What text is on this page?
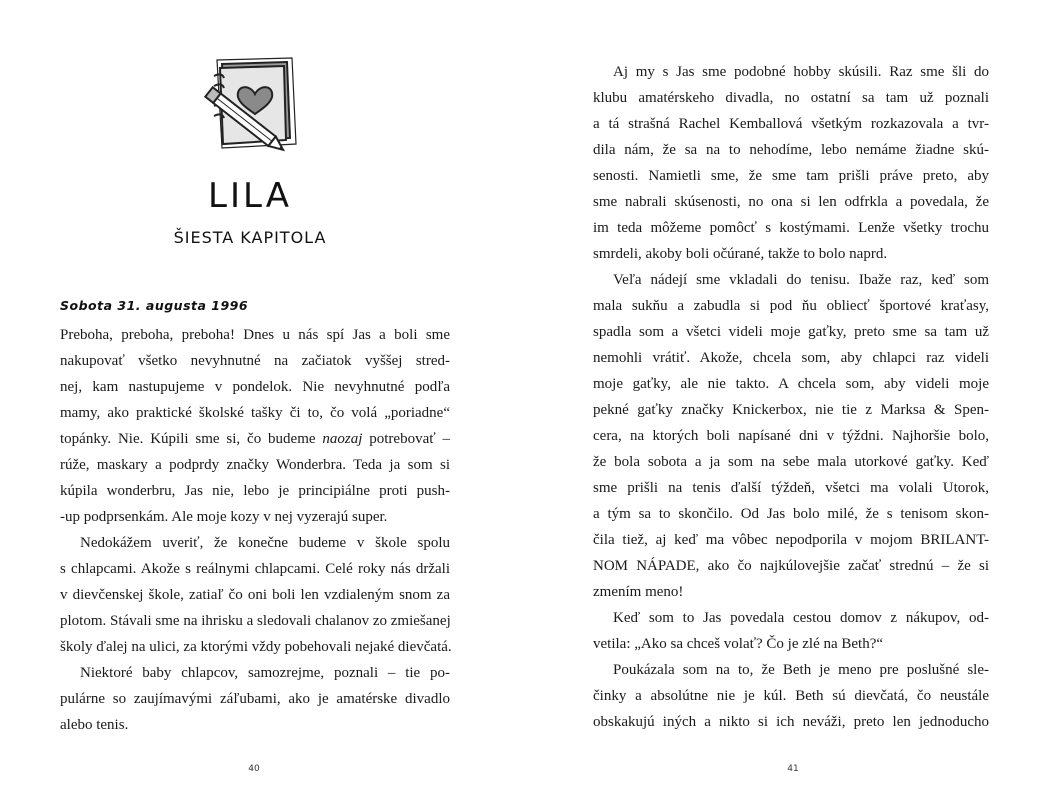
LILA
ŠIESTA KAPITOLA
Sobota 31. augusta 1996
Preboha, preboha, preboha! Dnes u nás spí Jas a boli sme
nakupovať všetko nevyhnutné na začiatok vyššej stred-
nej, kam nastupujeme v pondelok. Nie nevyhnutné podľa
mamy, ako praktické školské tašky či to, čo volá „poriadne“
topánky. Nie. Kúpili sme si, čo budeme naozaj potrebovať –
rúže, maskary a podprdy značky Wonderbra. Teda ja som si
kúpila wonderbru, Jas nie, lebo je principiálne proti push-
-up podprsenkám. Ale moje kozy v nej vyzerajú super.
Nedokážem uveriť, že konečne budeme v škole spolu
s chlapcami. Akože s reálnymi chlapcami. Celé roky nás držali
v dievčenskej škole, zatiaľ čo oni boli len vzdialeným snom za
plotom. Stávali sme na ihrisku a sledovali chalanov zo zmiešanej
školy ďalej na ulici, za ktorými vždy pobehovali nejaké dievčatá.
Niektoré baby chlapcov, samozrejme, poznali – tie po-
pulárne so zaujímavými záľubami, ako je amatérske divadlo
alebo tenis.
40
Aj my s Jas sme podobné hobby skúsili. Raz sme šli do
klubu amatérskeho divadla, no ostatní sa tam už poznali
a tá strašná Rachel Kemballová všetkým rozkazovala a tvr-
dila nám, že sa na to nehodíme, lebo nemáme žiadne skú-
senosti. Namietli sme, že sme tam prišli práve preto, aby
sme nabrali skúsenosti, no ona si len odfrkla a povedala, že
im teda môžeme pomôcť s kostýmami. Lenže všetky trochu
smrdeli, akoby boli očúrané, takže to bolo naprd.
Veľa nádejí sme vkladali do tenisu. Ibaže raz, keď som
mala sukňu a zabudla si pod ňu obliecť športové kraťasy,
spadla som a všetci videli moje gaťky, preto sme sa tam už
nemohli vrátiť. Akože, chcela som, aby chlapci raz videli
moje gaťky, ale nie takto. A chcela som, aby videli moje
pekné gaťky značky Knickerbox, nie tie z Marksa & Spen-
cera, na ktorých boli napísané dni v týždni. Najhoršie bolo,
že bola sobota a ja som na sebe mala utorkové gaťky. Keď
sme prišli na tenis ďalší týždeň, všetci ma volali Utorok,
a tým sa to skončilo. Od Jas bolo milé, že s tenisom skon-
čila tiež, aj keď ma vôbec nepodporila v mojom BRILANT-
NOM NÁPADE, ako čo najkúlovejšie začať strednú – že si
zmením meno!
Keď som to Jas povedala cestou domov z nákupov, od-
vetila: „Ako sa chceš volať? Čo je zlé na Beth?“
Poukázala som na to, že Beth je meno pre poslušné sle-
činky a absolútne nie je kúl. Beth sú dievčatá, čo neustále
obskakujú iných a nikto si ich neváži, preto len jednoducho
41
